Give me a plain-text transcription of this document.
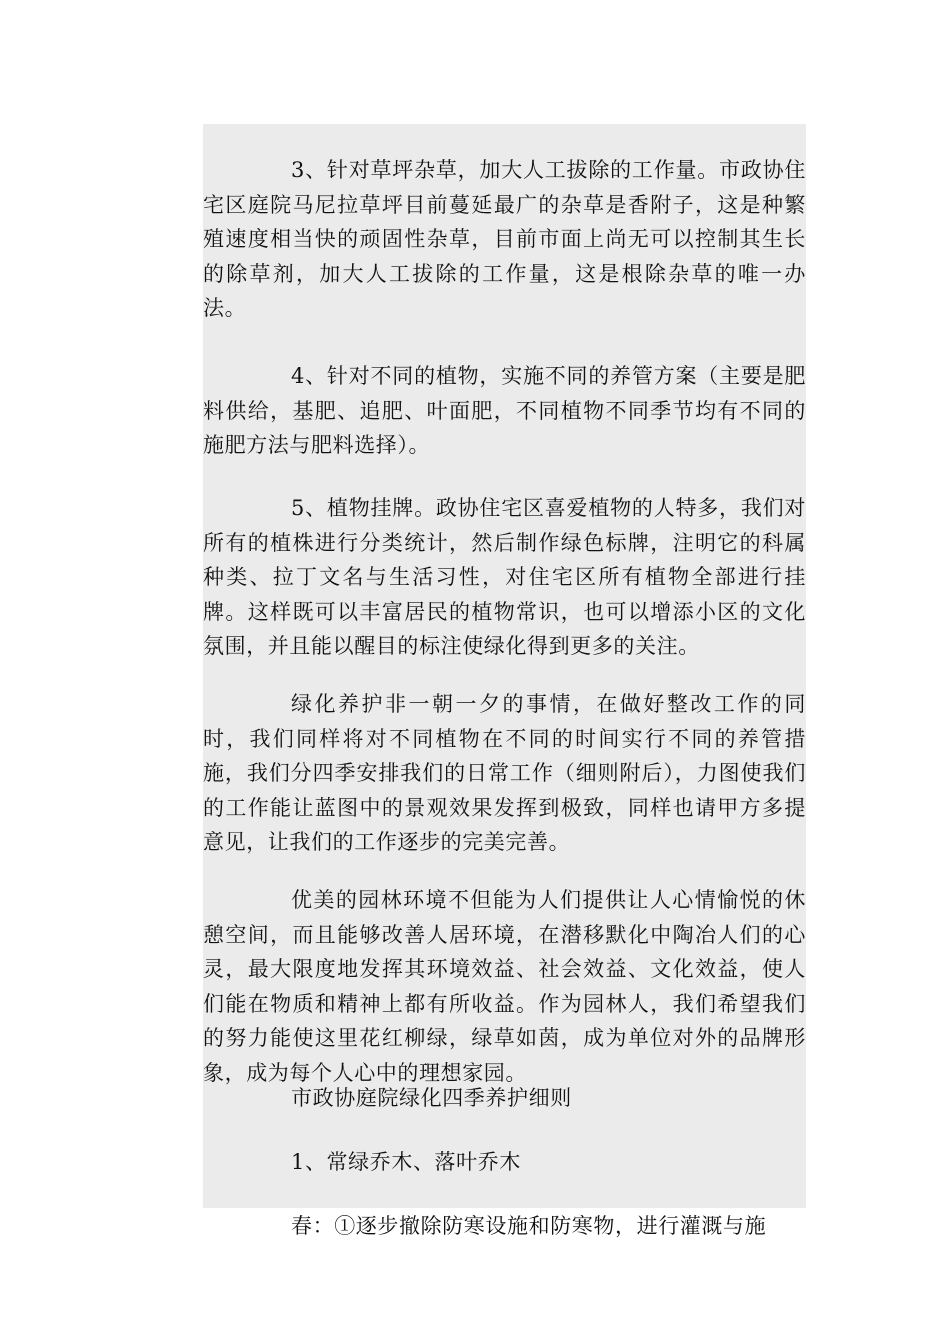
3、针对草坪杂草，加大人工拔除的工作量。市政协住宅区庭院马尼拉草坪目前蔓延最广的杂草是香附子，这是种繁殖速度相当快的顽固性杂草，目前市面上尚无可以控制其生长的除草剂，加大人工拔除的工作量，这是根除杂草的唯一办法。

4、针对不同的植物，实施不同的养管方案（主要是肥料供给，基肥、追肥、叶面肥，不同植物不同季节均有不同的施肥方法与肥料选择）。

5、植物挂牌。政协住宅区喜爱植物的人特多，我们对所有的植株进行分类统计，然后制作绿色标牌，注明它的科属种类、拉丁文名与生活习性，对住宅区所有植物全部进行挂牌。这样既可以丰富居民的植物常识，也可以增添小区的文化氛围，并且能以醒目的标注使绿化得到更多的关注。

绿化养护非一朝一夕的事情，在做好整改工作的同时，我们同样将对不同植物在不同的时间实行不同的养管措施，我们分四季安排我们的日常工作（细则附后），力图使我们的工作能让蓝图中的景观效果发挥到极致，同样也请甲方多提意见，让我们的工作逐步的完美完善。

优美的园林环境不但能为人们提供让人心情愉悦的休憩空间，而且能够改善人居环境，在潜移默化中陶冶人们的心灵，最大限度地发挥其环境效益、社会效益、文化效益，使人们能在物质和精神上都有所收益。作为园林人，我们希望我们的努力能使这里花红柳绿，绿草如茵，成为单位对外的品牌形象，成为每个人心中的理想家园。

市政协庭院绿化四季养护细则

1、常绿乔木、落叶乔木

春：①逐步撤除防寒设施和防寒物，进行灌溉与施
